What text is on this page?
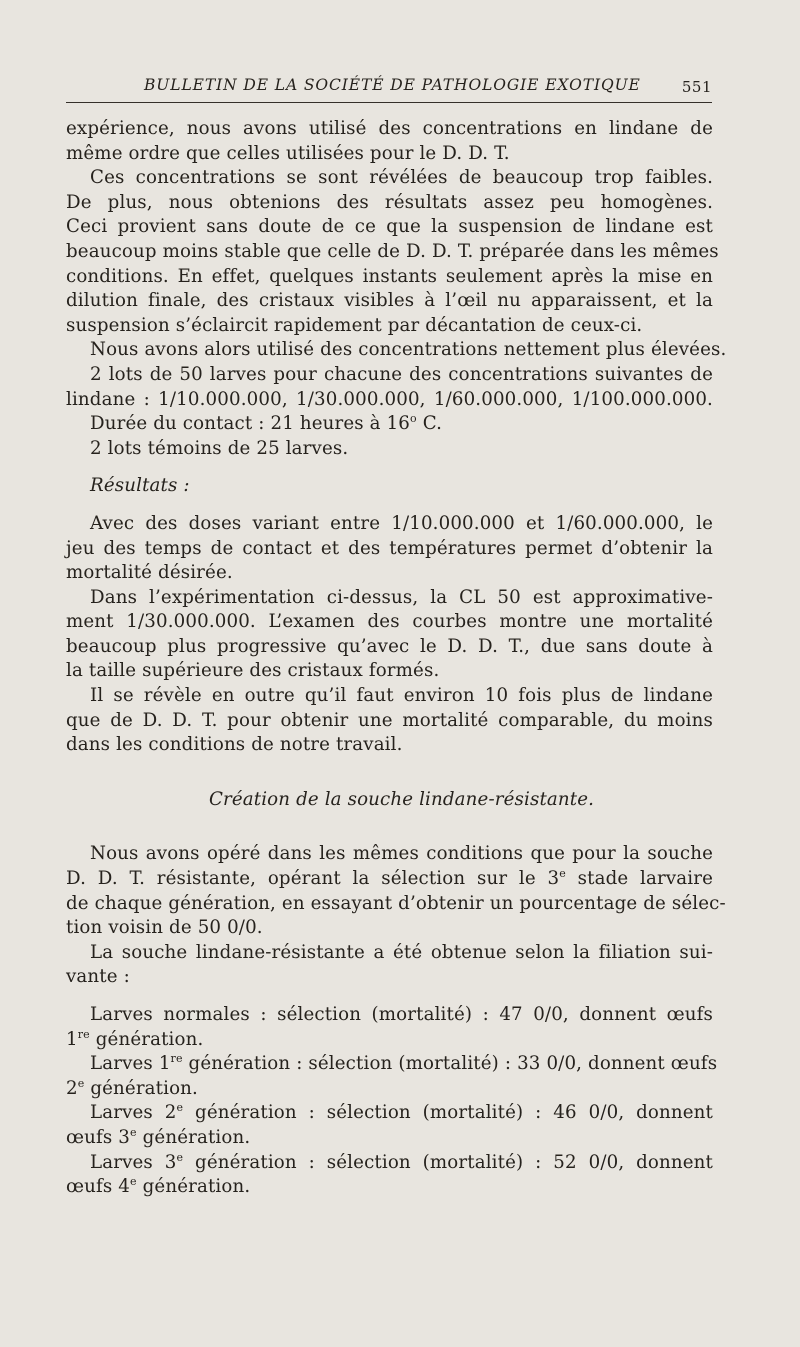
BULLETIN DE LA SOCIÉTÉ DE PATHOLOGIE EXOTIQUE	551
expérience, nous avons utilisé des concentrations en lindane de
même ordre que celles utilisées pour le D. D. T.
Ces concentrations se sont révélées de beaucoup trop faibles.
De plus, nous obtenions des résultats assez peu homogènes.
Ceci provient sans doute de ce que la suspension de lindane est
beaucoup moins stable que celle de D. D. T. préparée dans les mêmes
conditions. En effet, quelques instants seulement après la mise en
dilution finale, des cristaux visibles à l’œil nu apparaissent, et la
suspension s’éclaircit rapidement par décantation de ceux-ci.
Nous avons alors utilisé des concentrations nettement plus élevées.
2 lots de 50 larves pour chacune des concentrations suivantes de
lindane : 1/10.000.000, 1/30.000.000, 1/60.000.000, 1/100.000.000.
Durée du contact : 21 heures à 16$^o$ C.
2 lots témoins de 25 larves.
Résultats :
Avec des doses variant entre 1/10.000.000 et 1/60.000.000, le
jeu des temps de contact et des températures permet d’obtenir la
mortalité désirée.
Dans l’expérimentation ci-dessus, la CL 50 est approximative-
ment 1/30.000.000. L’examen des courbes montre une mortalité
beaucoup plus progressive qu’avec le D. D. T., due sans doute à
la taille supérieure des cristaux formés.
Il se révèle en outre qu’il faut environ 10 fois plus de lindane
que de D. D. T. pour obtenir une mortalité comparable, du moins
dans les conditions de notre travail.
Création de la souche lindane-résistante.
Nous avons opéré dans les mêmes conditions que pour la souche
D. D. T. résistante, opérant la sélection sur le 3e stade larvaire
de chaque génération, en essayant d’obtenir un pourcentage de sélec-
tion voisin de 50 0/0.
La souche lindane-résistante a été obtenue selon la filiation sui-
vante :
Larves normales : sélection (mortalité) : 47 0/0, donnent œufs
1re génération.
Larves 1re génération : sélection (mortalité) : 33 0/0, donnent œufs
2e génération.
Larves 2e génération : sélection (mortalité) : 46 0/0, donnent
œufs 3e génération.
Larves 3e génération : sélection (mortalité) : 52 0/0, donnent
œufs 4e génération.
